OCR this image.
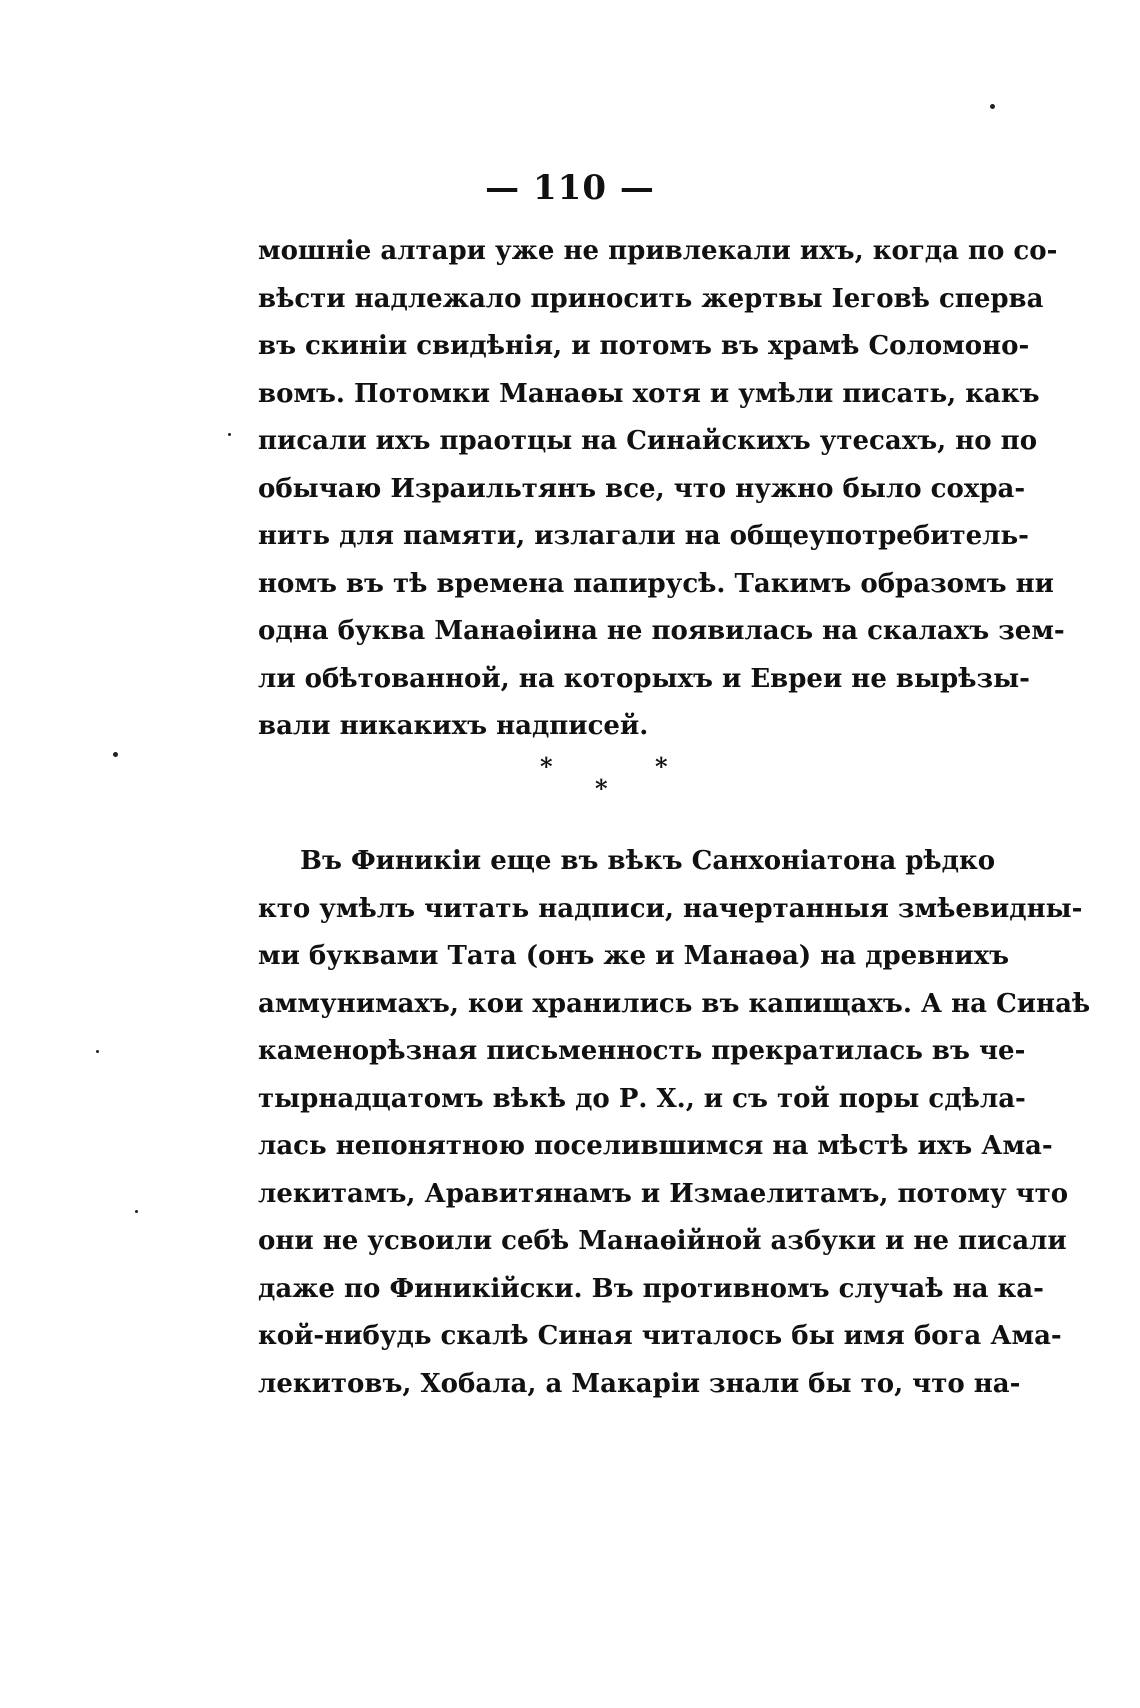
— 110 —
мошніе алтари уже не привлекали ихъ, когда по со-
вѣсти надлежало приносить жертвы Iеговѣ сперва
въ скиніи свидѣнія, и потомъ въ храмѣ Соломоно-
вомъ. Потомки Манаѳы хотя и умѣли писать, какъ
писали ихъ праотцы на Синайскихъ утесахъ, но по
обычаю Израильтянъ все, что нужно было сохра-
нить для памяти, излагали на общеупотребитель-
номъ въ тѣ времена папирусѣ. Такимъ образомъ ни
одна буква Манаѳiина не появилась на скалахъ зем-
ли обѣтованной, на которыхъ и Евреи не вырѣзы-
вали никакихъ надписей.
*	*
*
Въ Финикіи еще въ вѣкъ Санхоніатона рѣдко
кто умѣлъ читать надписи, начертанныя змѣевидны-
ми буквами Тата (онъ же и Манаѳа) на древнихъ
аммунимахъ, кои хранились въ капищахъ. А на Синаѣ
каменорѣзная письменность прекратилась въ че-
тырнадцатомъ вѣкѣ до Р. Х., и съ той поры сдѣла-
лась непонятною поселившимся на мѣстѣ ихъ Ама-
лекитамъ, Аравитянамъ и Измаелитамъ, потому что
они не усвоили себѣ Манаѳiйной азбуки и не писали
даже по Финикійски. Въ противномъ случаѣ на ка-
кой-нибудь скалѣ Синая читалось бы имя бога Ама-
лекитовъ, Хобала, а Макаріи знали бы то, что на-
